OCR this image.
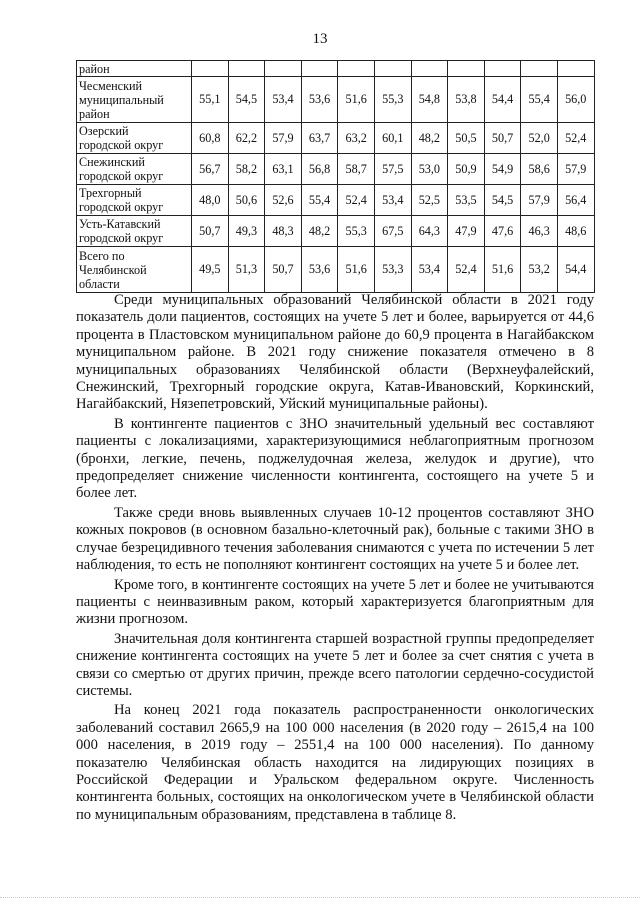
13
район											
Чесменский
муниципальный
район	55,1	54,5	53,4	53,6	51,6	55,3	54,8	53,8	54,4	55,4	56,0
Озерский
городской округ	60,8	62,2	57,9	63,7	63,2	60,1	48,2	50,5	50,7	52,0	52,4
Снежинский
городской округ	56,7	58,2	63,1	56,8	58,7	57,5	53,0	50,9	54,9	58,6	57,9
Трехгорный
городской округ	48,0	50,6	52,6	55,4	52,4	53,4	52,5	53,5	54,5	57,9	56,4
Усть-Катавский
городской округ	50,7	49,3	48,3	48,2	55,3	67,5	64,3	47,9	47,6	46,3	48,6
Всего по
Челябинской
области	49,5	51,3	50,7	53,6	51,6	53,3	53,4	52,4	51,6	53,2	54,4

Среди муниципальных образований Челябинской области в 2021 году показатель доли пациентов, состоящих на учете 5 лет и более, варьируется от 44,6 процента в Пластовском муниципальном районе до 60,9 процента в Нагайбакском муниципальном районе. В 2021 году снижение показателя отмечено в 8 муниципальных образованиях Челябинской области (Верхнеуфалейский, Снежинский, Трехгорный городские округа, Катав-Ивановский, Коркинский, Нагайбакский, Нязепетровский, Уйский муниципальные районы).

В контингенте пациентов с ЗНО значительный удельный вес составляют пациенты с локализациями, характеризующимися неблагоприятным прогнозом (бронхи, легкие, печень, поджелудочная железа, желудок и другие), что предопределяет снижение численности контингента, состоящего на учете 5 и более лет.

Также среди вновь выявленных случаев 10-12 процентов составляют ЗНО кожных покровов (в основном базально-клеточный рак), больные с такими ЗНО в случае безрецидивного течения заболевания снимаются с учета по истечении 5 лет наблюдения, то есть не пополняют контингент состоящих на учете 5 и более лет.

Кроме того, в контингенте состоящих на учете 5 лет и более не учитываются пациенты с неинвазивным раком, который характеризуется благоприятным для жизни прогнозом.

Значительная доля контингента старшей возрастной группы предопределяет снижение контингента состоящих на учете 5 лет и более за счет снятия с учета в связи со смертью от других причин, прежде всего патологии сердечно-сосудистой системы.

На конец 2021 года показатель распространенности онкологических заболеваний составил 2665,9 на 100 000 населения (в 2020 году – 2615,4 на 100 000 населения, в 2019 году – 2551,4 на 100 000 населения). По данному показателю Челябинская область находится на лидирующих позициях в Российской Федерации и Уральском федеральном округе. Численность контингента больных, состоящих на онкологическом учете в Челябинской области по муниципальным образованиям, представлена в таблице 8.
